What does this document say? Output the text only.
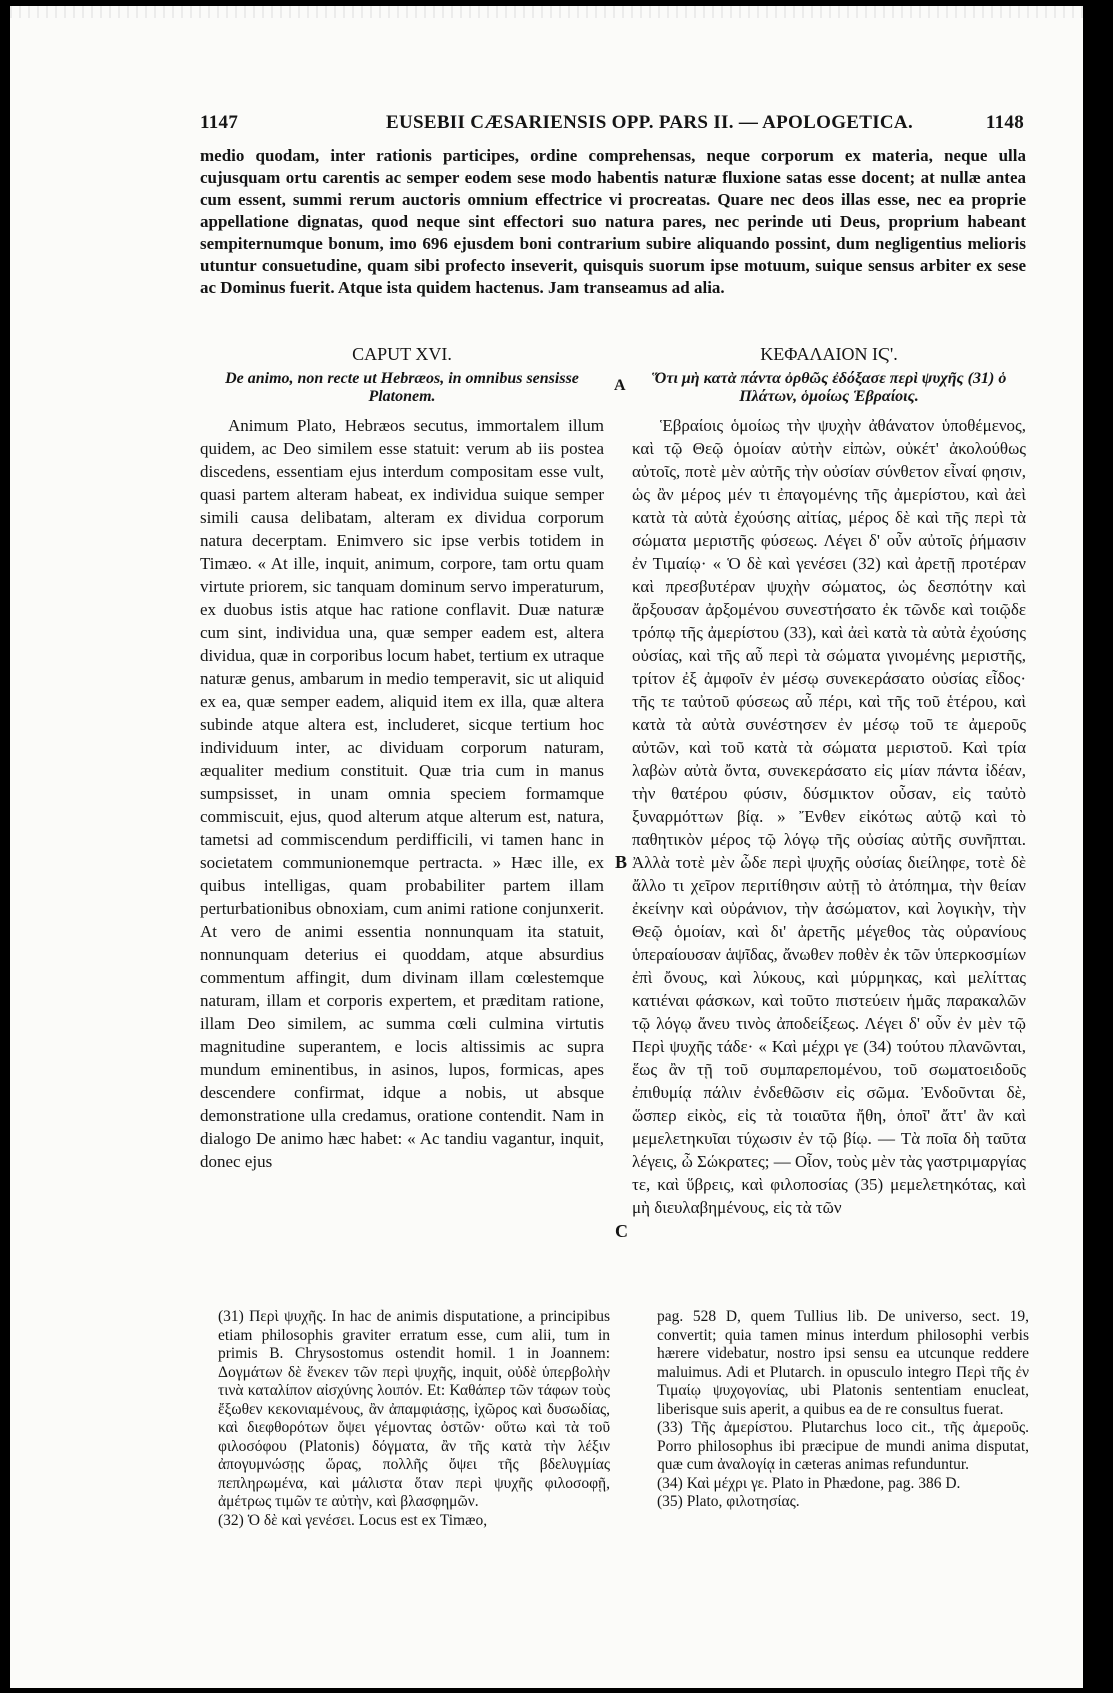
1147	EUSEBII CÆSARIENSIS OPP. PARS II. — APOLOGETICA.	1148

medio quodam, inter rationis participes, ordine comprehensas, neque corporum ex materia, neque ulla cujusquam ortu carentis ac semper eodem sese modo habentis naturæ fluxione satas esse docent; at nullæ antea cum essent, summi rerum auctoris omnium effectrice vi procreatas. Quare nec deos illas esse, nec ea proprie appellatione dignatas, quod neque sint effectori suo natura pares, nec perinde uti Deus, proprium habeant sempiternumque bonum, imo 696 ejusdem boni contrarium subire aliquando possint, dum negligentius melioris utuntur consuetudine, quam sibi profecto inseverit, quisquis suorum ipse motuum, suique sensus arbiter ex sese ac Dominus fuerit. Atque ista quidem hactenus. Jam transeamus ad alia.

CAPUT XVI.
De animo, non recte ut Hebræos, in omnibus sensisse Platonem.

Animum Plato, Hebræos secutus, immortalem illum quidem, ac Deo similem esse statuit: verum ab iis postea discedens, essentiam ejus interdum compositam esse vult, quasi partem alteram habeat, ex individua suique semper simili causa delibatam, alteram ex dividua corporum natura decerptam. Enimvero sic ipse verbis totidem in Timæo. « At ille, inquit, animum, corpore, tam ortu quam virtute priorem, sic tanquam dominum servo imperaturum, ex duobus istis atque hac ratione conflavit. Duæ naturæ cum sint, individua una, quæ semper eadem est, altera dividua, quæ in corporibus locum habet, tertium ex utraque naturæ genus, ambarum in medio temperavit, sic ut aliquid ex ea, quæ semper eadem, aliquid item ex illa, quæ altera subinde atque altera est, includeret, sicque tertium hoc individuum inter, ac dividuam corporum naturam, æqualiter medium constituit. Quæ tria cum in manus sumpsisset, in unam omnia speciem formamque commiscuit, ejus, quod alterum atque alterum est, natura, tametsi ad commiscendum perdifficili, vi tamen hanc in societatem communionemque pertracta. » Hæc ille, ex quibus intelligas, quam probabiliter partem illam perturbationibus obnoxiam, cum animi ratione conjunxerit. At vero de animi essentia nonnunquam ita statuit, nonnunquam deterius ei quoddam, atque absurdius commentum affingit, dum divinam illam cœlestemque naturam, illam et corporis expertem, et præditam ratione, illam Deo similem, ac summa cœli culmina virtutis magnitudine superantem, e locis altissimis ac supra mundum eminentibus, in asinos, lupos, formicas, apes descendere confirmat, idque a nobis, ut absque demonstratione ulla credamus, oratione contendit. Nam in dialogo De animo hæc habet: « Ac tandiu vagantur, inquit, donec ejus

ΚΕΦΑΛΑΙΟΝ ΙϚ'.
Ὅτι μὴ κατὰ πάντα ὀρθῶς ἐδόξασε περὶ ψυχῆς (31) ὁ Πλάτων, ὁμοίως Ἑβραίοις.

Ἑβραίοις ὁμοίως τὴν ψυχὴν ἀθάνατον ὑποθέμενος, καὶ τῷ Θεῷ ὁμοίαν αὐτὴν εἰπὼν, οὐκέτ' ἀκολούθως αὐτοῖς, ποτὲ μὲν αὐτῆς τὴν οὐσίαν σύνθετον εἶναί φησιν, ὡς ἂν μέρος μέν τι ἐπαγομένης τῆς ἀμερίστου, καὶ ἀεὶ κατὰ τὰ αὐτὰ ἐχούσης αἰτίας, μέρος δὲ καὶ τῆς περὶ τὰ σώματα μεριστῆς φύσεως. Λέγει δ' οὖν αὐτοῖς ῥήμασιν ἐν Τιμαίῳ· « Ὁ δὲ καὶ γενέσει (32) καὶ ἀρετῇ προτέραν καὶ πρεσβυτέραν ψυχὴν σώματος, ὡς δεσπότην καὶ ἄρξουσαν ἀρξομένου συνεστήσατο ἐκ τῶνδε καὶ τοιῷδε τρόπῳ τῆς ἀμερίστου (33), καὶ ἀεὶ κατὰ τὰ αὐτὰ ἐχούσης οὐσίας, καὶ τῆς αὖ περὶ τὰ σώματα γινομένης μεριστῆς, τρίτον ἐξ ἀμφοῖν ἐν μέσῳ συνεκεράσατο οὐσίας εἶδος· τῆς τε ταὐτοῦ φύσεως αὖ πέρι, καὶ τῆς τοῦ ἑτέρου, καὶ κατὰ τὰ αὐτὰ συνέστησεν ἐν μέσῳ τοῦ τε ἀμεροῦς αὐτῶν, καὶ τοῦ κατὰ τὰ σώματα μεριστοῦ. Καὶ τρία λαβὼν αὐτὰ ὄντα, συνεκεράσατο εἰς μίαν πάντα ἰδέαν, τὴν θατέρου φύσιν, δύσμικτον οὖσαν, εἰς ταὐτὸ ξυναρμόττων βίᾳ. » Ἔνθεν εἰκότως αὐτῷ καὶ τὸ παθητικὸν μέρος τῷ λόγῳ τῆς οὐσίας αὐτῆς συνῆπται. Ἀλλὰ τοτὲ μὲν ὧδε περὶ ψυχῆς οὐσίας διείληφε, τοτὲ δὲ ἄλλο τι χεῖρον περιτίθησιν αὐτῇ τὸ ἀτόπημα, τὴν θείαν ἐκείνην καὶ οὐράνιον, τὴν ἀσώματον, καὶ λογικὴν, τὴν Θεῷ ὁμοίαν, καὶ δι' ἀρετῆς μέγεθος τὰς οὐρανίους ὑπεραίουσαν ἁψῖδας, ἄνωθεν ποθὲν ἐκ τῶν ὑπερκοσμίων ἐπὶ ὄνους, καὶ λύκους, καὶ μύρμηκας, καὶ μελίττας κατιέναι φάσκων, καὶ τοῦτο πιστεύειν ἡμᾶς παρακαλῶν τῷ λόγῳ ἄνευ τινὸς ἀποδείξεως. Λέγει δ' οὖν ἐν μὲν τῷ Περὶ ψυχῆς τάδε· « Καὶ μέχρι γε (34) τούτου πλανῶνται, ἕως ἂν τῇ τοῦ συμπαρεπομένου, τοῦ σωματοειδοῦς ἐπιθυμίᾳ πάλιν ἐνδεθῶσιν εἰς σῶμα. Ἐνδοῦνται δὲ, ὥσπερ εἰκὸς, εἰς τὰ τοιαῦτα ἤθη, ὁποῖ' ἄττ' ἂν καὶ μεμελετηκυῖαι τύχωσιν ἐν τῷ βίῳ. — Τὰ ποῖα δὴ ταῦτα λέγεις, ὦ Σώκρατες; — Οἷον, τοὺς μὲν τὰς γαστριμαργίας τε, καὶ ὕβρεις, καὶ φιλοποσίας (35) μεμελετηκότας, καὶ μὴ διευλαβημένους, εἰς τὰ τῶν

A
B
C

(31) Περὶ ψυχῆς. In hac de animis disputatione, a principibus etiam philosophis graviter erratum esse, cum alii, tum in primis B. Chrysostomus ostendit homil. 1 in Joannem: Δογμάτων δὲ ἕνεκεν τῶν περὶ ψυχῆς, inquit, οὐδὲ ὑπερβολὴν τινὰ καταλίπον αἰσχύνης λοιπόν. Et: Καθάπερ τῶν τάφων τοὺς ἔξωθεν κεκονιαμένους, ἂν ἀπαμφιάσῃς, ἰχῶρος καὶ δυσωδίας, καὶ διεφθορότων ὄψει γέμοντας ὀστῶν· οὕτω καὶ τὰ τοῦ φιλοσόφου (Platonis) δόγματα, ἂν τῆς κατὰ τὴν λέξιν ἀπογυμνώσῃς ὥρας, πολλῆς ὄψει τῆς βδελυγμίας πεπληρωμένα, καὶ μάλιστα ὅταν περὶ ψυχῆς φιλοσοφῇ, ἀμέτρως τιμῶν τε αὐτὴν, καὶ βλασφημῶν.

(32) Ὁ δὲ καὶ γενέσει. Locus est ex Timæo,

pag. 528 D, quem Tullius lib. De universo, sect. 19, convertit; quia tamen minus interdum philosophi verbis hærere videbatur, nostro ipsi sensu ea utcunque reddere maluimus. Adi et Plutarch. in opusculo integro Περὶ τῆς ἐν Τιμαίῳ ψυχογονίας, ubi Platonis sententiam enucleat, liberisque suis aperit, a quibus ea de re consultus fuerat.

(33) Τῆς ἀμερίστου. Plutarchus loco cit., τῆς ἀμεροῦς. Porro philosophus ibi præcipue de mundi anima disputat, quæ cum ἀναλογίᾳ in cæteras animas refunduntur.

(34) Καὶ μέχρι γε. Plato in Phædone, pag. 386 D.

(35) Plato, φιλοτησίας.
